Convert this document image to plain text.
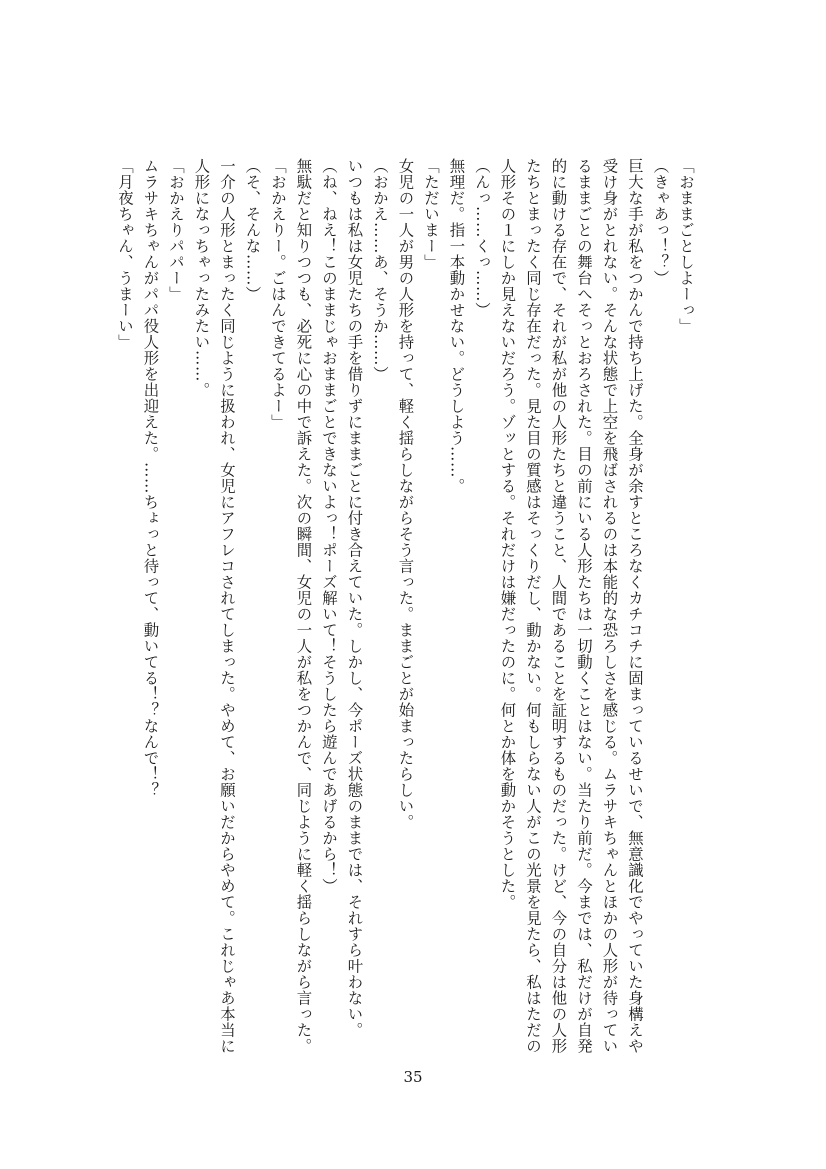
「おままごとしよーっ」

（きゃあっ！？）

巨大な手が私をつかんで持ち上げた。全身が余すところなくカチコチに固まっているせいで、無意識化でやっていた身構えや受け身がとれない。そんな状態で上空を飛ばされるのは本能的な恐ろしさを感じる。ムラサキちゃんとほかの人形が待っているままごとの舞台へそっとおろされた。目の前にいる人形たちは一切動くことはない。当たり前だ。今までは、私だけが自発的に動ける存在で、それが私が他の人形たちと違うこと、人間であることを証明するものだった。けど、今の自分は他の人形たちとまったく同じ存在だった。見た目の質感はそっくりだし、動かない。何もしらない人がこの光景を見たら、私はただの人形その１にしか見えないだろう。ゾッとする。それだけは嫌だったのに。何とか体を動かそうとした。

（んっ……くっ……）

無理だ。指一本動かせない。どうしよう……。

「ただいまー」

女児の一人が男の人形を持って、軽く揺らしながらそう言った。ままごとが始まったらしい。

（おかえ……あ、そうか……）

いつもは私は女児たちの手を借りずにままごとに付き合えていた。しかし、今ポーズ状態のままでは、それすら叶わない。

（ね、ねえ！このままじゃおままごとできないよっ！ポーズ解いて！そうしたら遊んであげるから！）

無駄だと知りつつも、必死に心の中で訴えた。次の瞬間、女児の一人が私をつかんで、同じように軽く揺らしながら言った。

「おかえりー。ごはんできてるよー」

（そ、そんな……）

一介の人形とまったく同じように扱われ、女児にアフレコされてしまった。やめて、お願いだからやめて。これじゃあ本当に人形になっちゃったみたい……。

「おかえりパパー」

ムラサキちゃんがパパ役人形を出迎えた。……ちょっと待って、動いてる！？なんで！？

「月夜ちゃん、うまーい」

35
